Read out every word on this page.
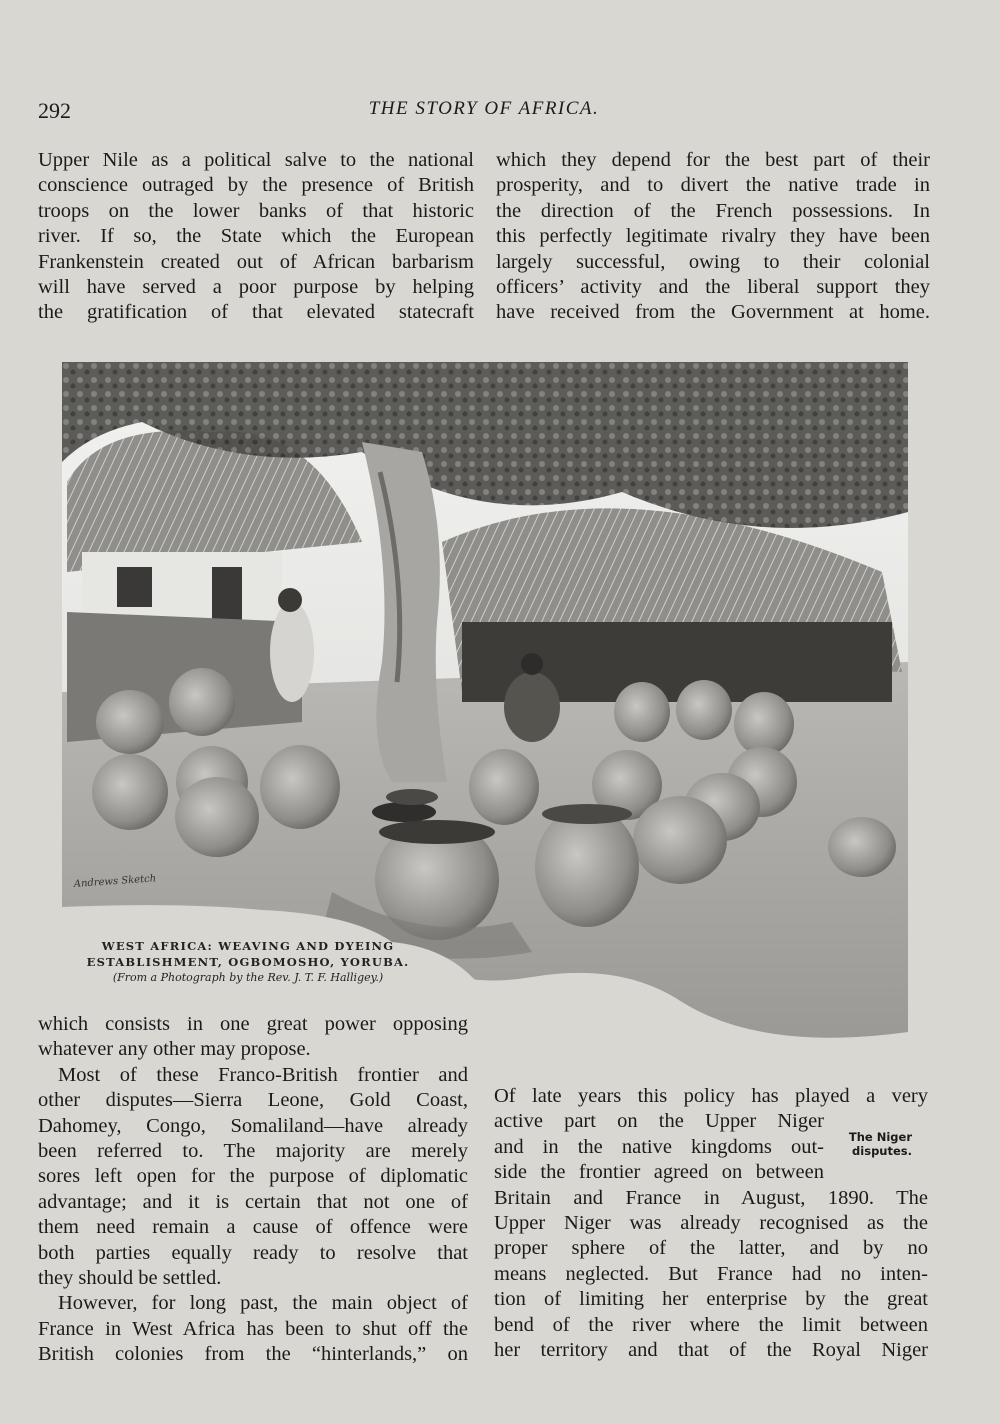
292	THE STORY OF AFRICA.
Upper Nile as a political salve to the national
conscience outraged by the presence of British
troops on the lower banks of that historic
river. If so, the State which the European
Frankenstein created out of African barbarism
will have served a poor purpose by helping
the gratification of that elevated statecraft
which they depend for the best part of their
prosperity, and to divert the native trade in
the direction of the French possessions. In
this perfectly legitimate rivalry they have been
largely successful, owing to their colonial
officers’ activity and the liberal support they
have received from the Government at home.
Andrews Sketch
WEST AFRICA: WEAVING AND DYEING
ESTABLISHMENT, OGBOMOSHO, YORUBA.
(From a Photograph by the Rev. J. T. F. Halligey.)
which consists in one great power opposing
whatever any other may propose.
Most of these Franco-British frontier and
other disputes—Sierra Leone, Gold Coast,
Dahomey, Congo, Somaliland—have already
been referred to. The majority are merely
sores left open for the purpose of diplomatic
advantage; and it is certain that not one of
them need remain a cause of offence were
both parties equally ready to resolve that
they should be settled.
However, for long past, the main object of
France in West Africa has been to shut off the
British colonies from the “hinterlands,” on
Of late years this policy has played a very
active part on the Upper Niger
and in the native kingdoms out-
side the frontier agreed on between
Britain and France in August, 1890. The
Upper Niger was already recognised as the
proper sphere of the latter, and by no
means neglected. But France had no inten-
tion of limiting her enterprise by the great
bend of the river where the limit between
her territory and that of the Royal Niger
The Niger
disputes.
